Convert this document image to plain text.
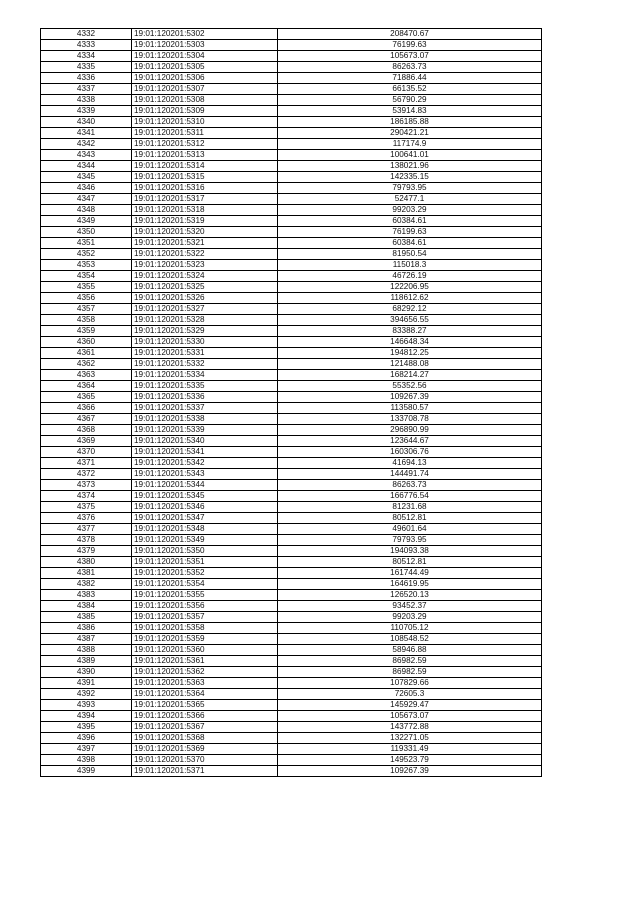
4332	19:01:120201:5302	208470.67
4333	19:01:120201:5303	76199.63
4334	19:01:120201:5304	105673.07
4335	19:01:120201:5305	86263.73
4336	19:01:120201:5306	71886.44
4337	19:01:120201:5307	66135.52
4338	19:01:120201:5308	56790.29
4339	19:01:120201:5309	53914.83
4340	19:01:120201:5310	186185.88
4341	19:01:120201:5311	290421.21
4342	19:01:120201:5312	117174.9
4343	19:01:120201:5313	100641.01
4344	19:01:120201:5314	138021.96
4345	19:01:120201:5315	142335.15
4346	19:01:120201:5316	79793.95
4347	19:01:120201:5317	52477.1
4348	19:01:120201:5318	99203.29
4349	19:01:120201:5319	60384.61
4350	19:01:120201:5320	76199.63
4351	19:01:120201:5321	60384.61
4352	19:01:120201:5322	81950.54
4353	19:01:120201:5323	115018.3
4354	19:01:120201:5324	46726.19
4355	19:01:120201:5325	122206.95
4356	19:01:120201:5326	118612.62
4357	19:01:120201:5327	68292.12
4358	19:01:120201:5328	394656.55
4359	19:01:120201:5329	83388.27
4360	19:01:120201:5330	146648.34
4361	19:01:120201:5331	194812.25
4362	19:01:120201:5332	121488.08
4363	19:01:120201:5334	168214.27
4364	19:01:120201:5335	55352.56
4365	19:01:120201:5336	109267.39
4366	19:01:120201:5337	113580.57
4367	19:01:120201:5338	133708.78
4368	19:01:120201:5339	296890.99
4369	19:01:120201:5340	123644.67
4370	19:01:120201:5341	160306.76
4371	19:01:120201:5342	41694.13
4372	19:01:120201:5343	144491.74
4373	19:01:120201:5344	86263.73
4374	19:01:120201:5345	166776.54
4375	19:01:120201:5346	81231.68
4376	19:01:120201:5347	80512.81
4377	19:01:120201:5348	49601.64
4378	19:01:120201:5349	79793.95
4379	19:01:120201:5350	194093.38
4380	19:01:120201:5351	80512.81
4381	19:01:120201:5352	161744.49
4382	19:01:120201:5354	164619.95
4383	19:01:120201:5355	126520.13
4384	19:01:120201:5356	93452.37
4385	19:01:120201:5357	99203.29
4386	19:01:120201:5358	110705.12
4387	19:01:120201:5359	108548.52
4388	19:01:120201:5360	58946.88
4389	19:01:120201:5361	86982.59
4390	19:01:120201:5362	86982.59
4391	19:01:120201:5363	107829.66
4392	19:01:120201:5364	72605.3
4393	19:01:120201:5365	145929.47
4394	19:01:120201:5366	105673.07
4395	19:01:120201:5367	143772.88
4396	19:01:120201:5368	132271.05
4397	19:01:120201:5369	119331.49
4398	19:01:120201:5370	149523.79
4399	19:01:120201:5371	109267.39
